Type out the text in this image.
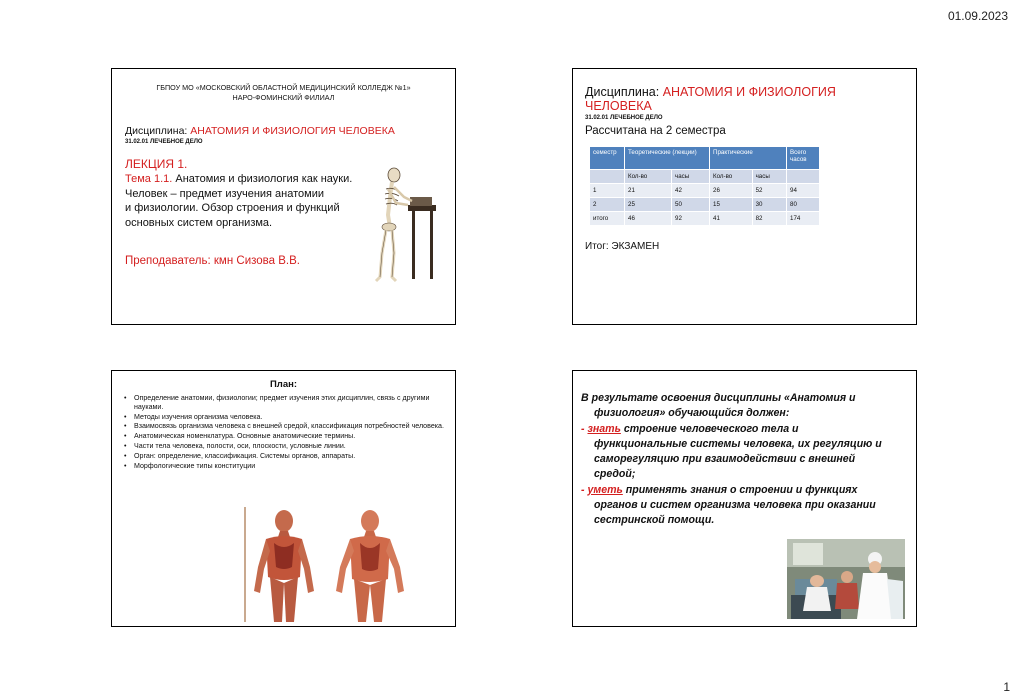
01.09.2023
ГБПОУ МО «МОСКОВСКИЙ ОБЛАСТНОЙ МЕДИЦИНСКИЙ КОЛЛЕДЖ №1»
НАРО-ФОМИНСКИЙ ФИЛИАЛ
Дисциплина: АНАТОМИЯ И ФИЗИОЛОГИЯ ЧЕЛОВЕКА
31.02.01 ЛЕЧЕБНОЕ ДЕЛО
ЛЕКЦИЯ 1.
Тема 1.1. Анатомия и физиология как науки.
Человек – предмет изучения анатомии
и физиологии. Обзор строения и функций
основных систем организма.
Преподаватель: кмн Сизова В.В.
Дисциплина: АНАТОМИЯ И ФИЗИОЛОГИЯ ЧЕЛОВЕКА
31.02.01 ЛЕЧЕБНОЕ ДЕЛО
Рассчитана на 2 семестра
семестр	Теоретические (лекции)		Практические		Всего часов
	Кол-во	часы	Кол-во	часы	
1	21	42	26	52	94
2	25	50	15	30	80
итого	46	92	41	82	174
Итог: ЭКЗАМЕН
План:
• Определение анатомии, физиологии; предмет изучения этих дисциплин, связь с другими науками.
• Методы изучения организма человека.
• Взаимосвязь организма человека с внешней средой, классификация потребностей человека.
• Анатомическая номенклатура. Основные анатомические термины.
• Части тела человека, полости, оси, плоскости, условные линии.
• Орган: определение, классификация. Системы органов, аппараты.
• Морфологические типы конституции
В результате освоения дисциплины «Анатомия и
физиология» обучающийся должен:
- знать строение человеческого тела и
функциональные системы человека, их регуляцию и
саморегуляцию при взаимодействии с внешней
средой;
- уметь применять знания о строении и функциях
органов и систем организма человека при оказании
сестринской помощи.
1
